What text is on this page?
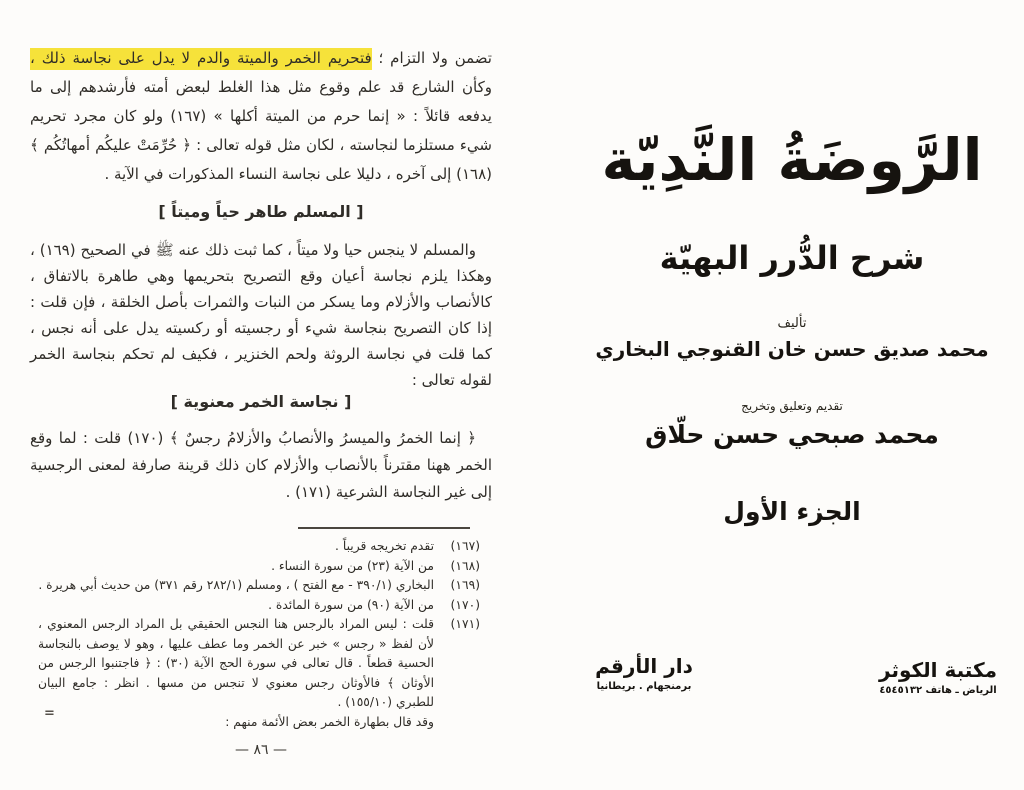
تضمن ولا التزام ؛ فتحريم الخمر والميتة والدم لا يدل على نجاسة ذلك ، وكأن الشارع قد علم وقوع مثل هذا الغلط لبعض أمته فأرشدهم إلى ما يدفعه قائلاً : « إنما حرم من الميتة أكلها » (١٦٧) ولو كان مجرد تحريم شيء مستلزما لنجاسته ، لكان مثل قوله تعالى : ﴿ حُرِّمَتْ عليكُم أمهاتُكُم ﴾ (١٦٨) إلى آخره ، دليلا على نجاسة النساء المذكورات في الآية .

[ المسلم طاهر حياً وميتاً ]

والمسلم لا ينجس حيا ولا ميتاً ، كما ثبت ذلك عنه ﷺ في الصحيح (١٦٩) ، وهكذا يلزم نجاسة أعيان وقع التصريح بتحريمها وهي طاهرة بالاتفاق ، كالأنصاب والأزلام وما يسكر من النبات والثمرات بأصل الخلقة ، فإن قلت : إذا كان التصريح بنجاسة شيء أو رجسيته أو ركسيته يدل على أنه نجس ، كما قلت في نجاسة الروثة ولحم الخنزير ، فكيف لم تحكم بنجاسة الخمر لقوله تعالى :

[ نجاسة الخمر معنوية ]

﴿ إنما الخمرُ والميسرُ والأنصابُ والأزلامُ رجسٌ ﴾ (١٧٠) قلت : لما وقع الخمر ههنا مقترناً بالأنصاب والأزلام كان ذلك قرينة صارفة لمعنى الرجسية إلى غير النجاسة الشرعية (١٧١) .

(١٦٧)
تقدم تخريجه قريباً .

(١٦٨)
من الآية (٢٣) من سورة النساء .

(١٦٩)
البخاري (٣٩٠/١ - مع الفتح ) ، ومسلم (٢٨٢/١ رقم ٣٧١) من حديث أبي هريرة .

(١٧٠)
من الآية (٩٠) من سورة المائدة .

(١٧١)
قلت : ليس المراد بالرجس هنا النجس الحقيقي بل المراد الرجس المعنوي ، لأن لفظ « رجس » خبر عن الخمر وما عطف عليها ، وهو لا يوصف بالنجاسة الحسية قطعاً . قال تعالى في سورة الحج الآية (٣٠) : ﴿ فاجتنبوا الرجس من الأوثان ﴾ فالأوثان رجس معنوي لا تنجس من مسها . انظر : جامع البيان للطبري (١٥٥/١٠) .

وقد قال بطهارة الخمر بعض الأئمة منهم :

=
— ٨٦ —
الرَّوضَةُ النَّدِيّة
شرح الدُّرر البهيّة
تأليف
محمد صديق حسن خان القنوجي البخاري
تقديم وتعليق وتخريج
محمد صبحي حسن حلّاق
الجزء الأول
دار الأرقم
برمنجهام . بريطانيا
مكتبة الكوثر
الرياض ـ هاتف ٤٥٤٥١٣٢
